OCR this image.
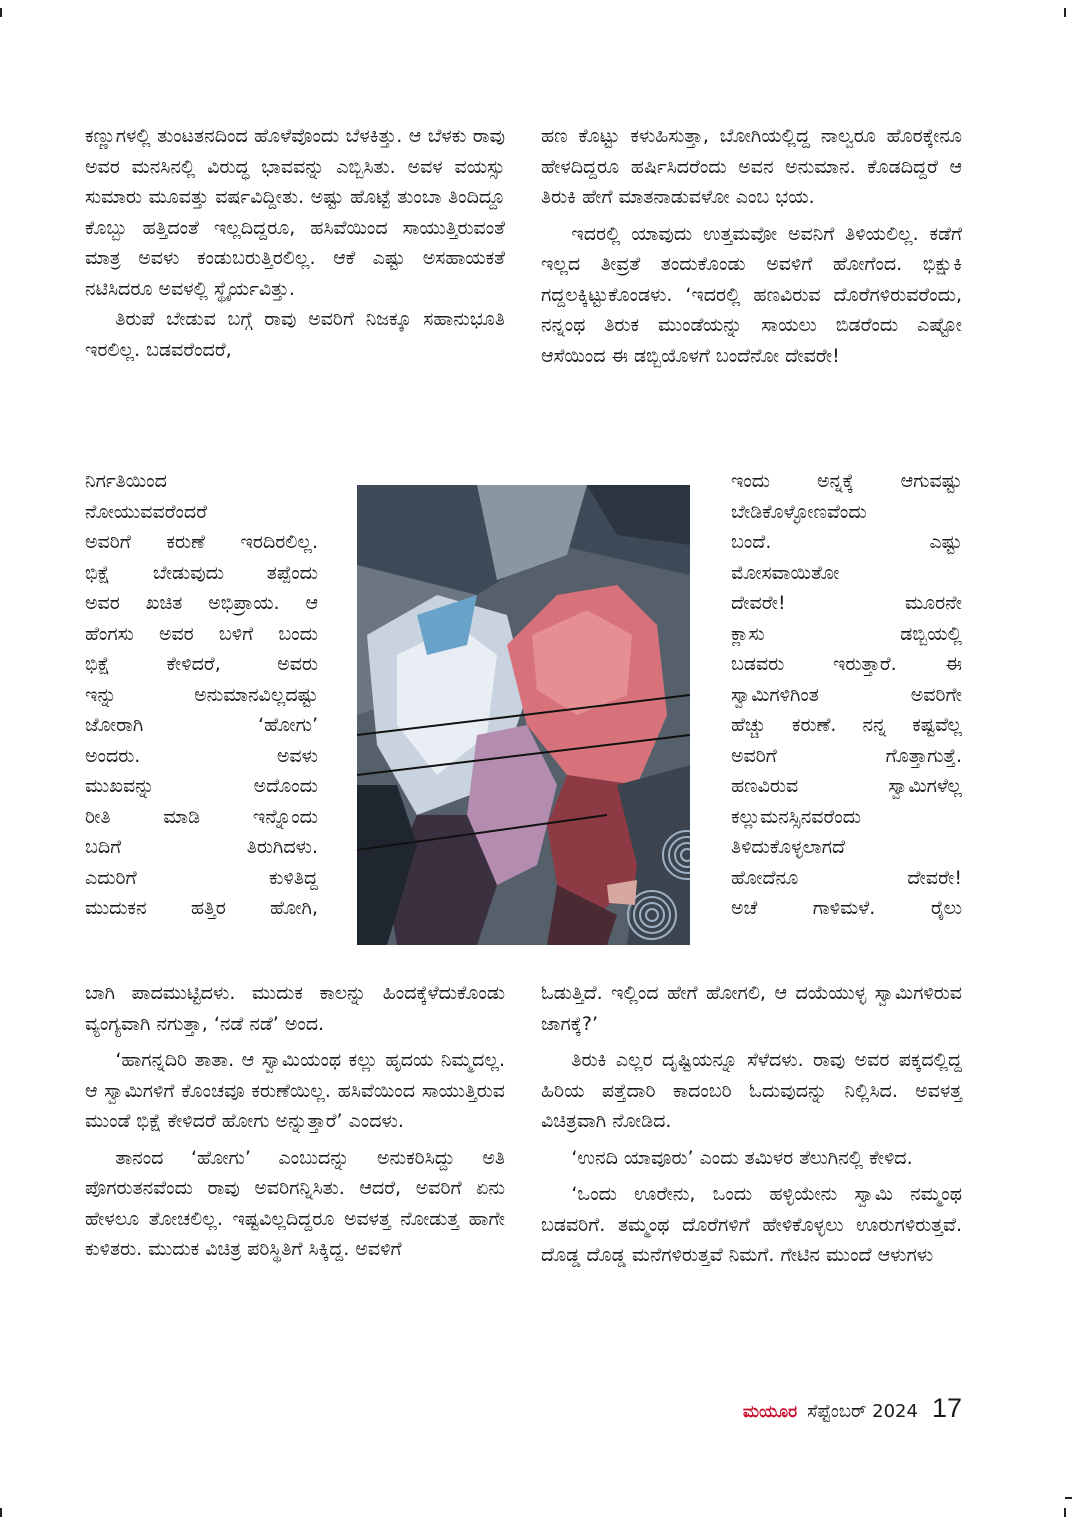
ಕಣ್ಣುಗಳಲ್ಲಿ ತುಂಟತನದಿಂದ ಹೊಳೆವೊಂದು ಬೆಳಕಿತ್ತು. ಆ ಬೆಳಕು ರಾವು ಅವರ ಮನಸಿನಲ್ಲಿ ವಿರುದ್ಧ ಭಾವವನ್ನು ಎಬ್ಬಿಸಿತು. ಅವಳ ವಯಸ್ಸು ಸುಮಾರು ಮೂವತ್ತು ವರ್ಷವಿದ್ದೀತು. ಅಷ್ಟು ಹೊಟ್ಟೆ ತುಂಬಾ ತಿಂದಿದ್ದೂ ಕೊಬ್ಬು ಹತ್ತಿದಂತೆ ಇಲ್ಲದಿದ್ದರೂ, ಹಸಿವೆಯಿಂದ ಸಾಯುತ್ತಿರುವಂತೆ ಮಾತ್ರ ಅವಳು ಕಂಡುಬರುತ್ತಿರಲಿಲ್ಲ. ಆಕೆ ಎಷ್ಟು ಅಸಹಾಯಕತೆ ನಟಿಸಿದರೂ ಅವಳಲ್ಲಿ ಸ್ಥೈರ್ಯವಿತ್ತು.

ತಿರುಪೆ ಬೇಡುವ ಬಗ್ಗೆ ರಾವು ಅವರಿಗೆ ನಿಜಕ್ಕೂ ಸಹಾನುಭೂತಿ ಇರಲಿಲ್ಲ. ಬಡವರೆಂದರೆ,

ನಿರ್ಗತಿಯಿಂದ

ನೋಯುವವರೆಂದರೆ

ಅವರಿಗೆ ಕರುಣೆ ಇರದಿರಲಿಲ್ಲ.

ಭಿಕ್ಷೆ ಬೇಡುವುದು ತಪ್ಪೆಂದು

ಅವರ ಖಚಿತ ಅಭಿಪ್ರಾಯ. ಆ

ಹೆಂಗಸು ಅವರ ಬಳಿಗೆ ಬಂದು

ಭಿಕ್ಷೆ ಕೇಳಿದರೆ, ಅವರು

ಇನ್ನು ಅನುಮಾನವಿಲ್ಲದಷ್ಟು

ಜೋರಾಗಿ ‘ಹೋಗು’

ಅಂದರು. ಅವಳು

ಮುಖವನ್ನು ಅದೊಂದು

ರೀತಿ ಮಾಡಿ ಇನ್ನೊಂದು

ಬದಿಗೆ ತಿರುಗಿದಳು.

ಎದುರಿಗೆ ಕುಳಿತಿದ್ದ

ಮುದುಕನ ಹತ್ತಿರ ಹೋಗಿ,

ಹಣ ಕೊಟ್ಟು ಕಳುಹಿಸುತ್ತಾ, ಬೋಗಿಯಲ್ಲಿದ್ದ ನಾಲ್ವರೂ ಹೊರಕ್ಕೇನೂ ಹೇಳದಿದ್ದರೂ ಹರ್ಷಿಸಿದರೆಂದು ಅವನ ಅನುಮಾನ. ಕೊಡದಿದ್ದರೆ ಆ ತಿರುಕಿ ಹೇಗೆ ಮಾತನಾಡುವಳೋ ಎಂಬ ಭಯ.

ಇದರಲ್ಲಿ ಯಾವುದು ಉತ್ತಮವೋ ಅವನಿಗೆ ತಿಳಿಯಲಿಲ್ಲ. ಕಡೆಗೆ ಇಲ್ಲದ ತೀವ್ರತೆ ತಂದುಕೊಂಡು ಅವಳಿಗೆ ಹೋಗೆಂದ. ಭಿಕ್ಷುಕಿ ಗದ್ದಲಕ್ಕಿಟ್ಟುಕೊಂಡಳು. ‘ಇದರಲ್ಲಿ ಹಣವಿರುವ ದೊರೆಗಳಿರುವರೆಂದು, ನನ್ನಂಥ ತಿರುಕ ಮುಂಡೆಯನ್ನು ಸಾಯಲು ಬಿಡರೆಂದು ಎಷ್ಟೋ ಆಸೆಯಿಂದ ಈ ಡಬ್ಬಿಯೊಳಗೆ ಬಂದೆನೋ ದೇವರೇ!

ಇಂದು ಅನ್ನಕ್ಕೆ ಆಗುವಷ್ಟು

ಬೇಡಿಕೊಳ್ಳೋಣವೆಂದು

ಬಂದೆ. ಎಷ್ಟು

ಮೋಸವಾಯಿತೋ

ದೇವರೇ! ಮೂರನೇ

ಕ್ಲಾಸು ಡಬ್ಬಿಯಲ್ಲಿ

ಬಡವರು ಇರುತ್ತಾರೆ. ಈ

ಸ್ವಾಮಿಗಳಿಗಿಂತ ಅವರಿಗೇ

ಹೆಚ್ಚು ಕರುಣೆ. ನನ್ನ ಕಷ್ಟವೆಲ್ಲ

ಅವರಿಗೆ ಗೊತ್ತಾಗುತ್ತೆ.

ಹಣವಿರುವ ಸ್ವಾಮಿಗಳೆಲ್ಲ

ಕಲ್ಲುಮನಸ್ಸಿನವರೆಂದು

ತಿಳಿದುಕೊಳ್ಳಲಾಗದೆ

ಹೋದೆನೂ ದೇವರೇ!

ಅಚೆ ಗಾಳಿಮಳೆ. ರೈಲು

ಬಾಗಿ ಪಾದಮುಟ್ಟಿದಳು. ಮುದುಕ ಕಾಲನ್ನು ಹಿಂದಕ್ಕೆಳೆದುಕೊಂಡು ವ್ಯಂಗ್ಯವಾಗಿ ನಗುತ್ತಾ, ‘ನಡೆ ನಡೆ’ ಅಂದ.

‘ಹಾಗನ್ನದಿರಿ ತಾತಾ. ಆ ಸ್ವಾಮಿಯಂಥ ಕಲ್ಲು ಹೃದಯ ನಿಮ್ಮದಲ್ಲ. ಆ ಸ್ವಾಮಿಗಳಿಗೆ ಕೊಂಚವೂ ಕರುಣೆಯಿಲ್ಲ. ಹಸಿವೆಯಿಂದ ಸಾಯುತ್ತಿರುವ ಮುಂಡೆ ಭಿಕ್ಷೆ ಕೇಳಿದರೆ ಹೋಗು ಅನ್ನುತ್ತಾರೆ’ ಎಂದಳು.

ತಾನಂದ ‘ಹೋಗು’ ಎಂಬುದನ್ನು ಅನುಕರಿಸಿದ್ದು ಅತಿ ಪೊಗರುತನವೆಂದು ರಾವು ಅವರಿಗನ್ನಿಸಿತು. ಆದರೆ, ಅವರಿಗೆ ಏನು ಹೇಳಲೂ ತೋಚಲಿಲ್ಲ. ಇಷ್ಟವಿಲ್ಲದಿದ್ದರೂ ಅವಳತ್ತ ನೋಡುತ್ತ ಹಾಗೇ ಕುಳಿತರು. ಮುದುಕ ವಿಚಿತ್ರ ಪರಿಸ್ಥಿತಿಗೆ ಸಿಕ್ಕಿದ್ದ. ಅವಳಿಗೆ

ಓಡುತ್ತಿದೆ. ಇಲ್ಲಿಂದ ಹೇಗೆ ಹೋಗಲಿ, ಆ ದಯೆಯುಳ್ಳ ಸ್ವಾಮಿಗಳಿರುವ ಜಾಗಕ್ಕೆ?’

ತಿರುಕಿ ಎಲ್ಲರ ದೃಷ್ಟಿಯನ್ನೂ ಸೆಳೆದಳು. ರಾವು ಅವರ ಪಕ್ಕದಲ್ಲಿದ್ದ ಹಿರಿಯ ಪತ್ತೆದಾರಿ ಕಾದಂಬರಿ ಓದುವುದನ್ನು ನಿಲ್ಲಿಸಿದ. ಅವಳತ್ತ ವಿಚಿತ್ರವಾಗಿ ನೋಡಿದ.

‘ಉನದಿ ಯಾವೂರು’ ಎಂದು ತಮಿಳರ ತೆಲುಗಿನಲ್ಲಿ ಕೇಳಿದ.

‘ಒಂದು ಊರೇನು, ಒಂದು ಹಳ್ಳಿಯೇನು ಸ್ವಾಮಿ ನಮ್ಮಂಥ ಬಡವರಿಗೆ. ತಮ್ಮಂಥ ದೊರೆಗಳಿಗೆ ಹೇಳಿಕೊಳ್ಳಲು ಊರುಗಳಿರುತ್ತವೆ. ದೊಡ್ಡ ದೊಡ್ಡ ಮನೆಗಳಿರುತ್ತವೆ ನಿಮಗೆ. ಗೇಟಿನ ಮುಂದೆ ಆಳುಗಳು

ಮಯೂರ ಸೆಪ್ಟೆಂಬರ್ 2024 17
